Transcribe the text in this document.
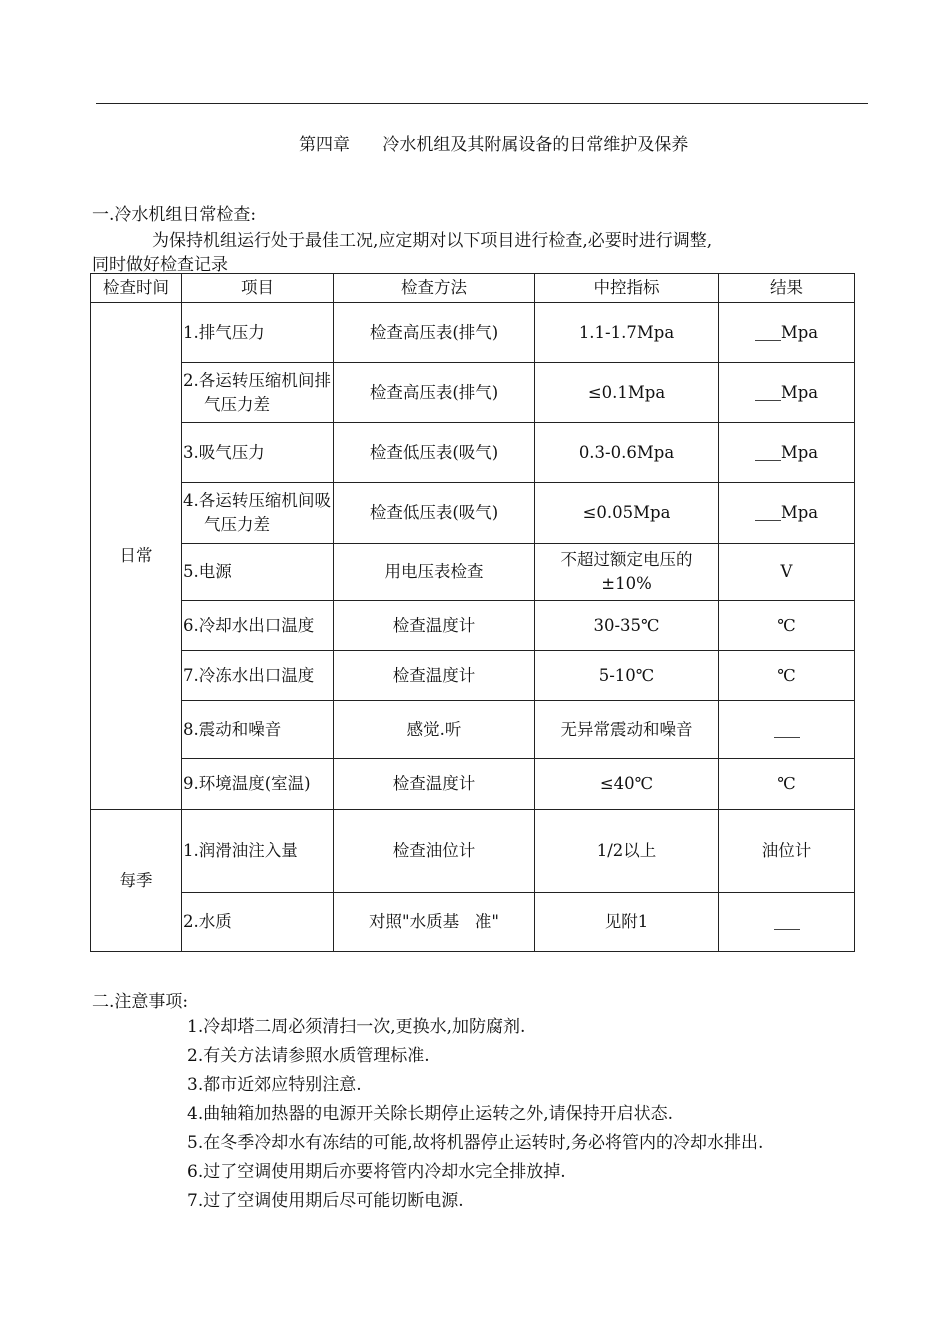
第四章      冷水机组及其附属设备的日常维护及保养
一.冷水机组日常检查:
为保持机组运行处于最佳工况,应定期对以下项目进行检查,必要时进行调整,
同时做好检查记录
检查时间	项目	检查方法	中控指标	结果
日常	1.排气压力	检查高压表(排气)	1.1-1.7Mpa	Mpa

	2.各运转压缩机间排气压力差	检查高压表(排气)	≤0.1Mpa	Mpa
	3.吸气压力	检查低压表(吸气)	0.3-0.6Mpa	Mpa

	4.各运转压缩机间吸气压力差	检查低压表(吸气)	≤0.05Mpa	Mpa
	5.电源	用电压表检查	不超过额定电压的±10%	V

	6.冷却水出口温度	检查温度计	30-35℃	℃

	7.冷冻水出口温度	检查温度计	5-10℃	℃
	8.震动和噪音	感觉.听	无异常震动和噪音	

	9.环境温度(室温)	检查温度计	≤40℃	℃
每季	1.润滑油注入量	检查油位计	1/2以上	油位计
	2.水质	对照"水质基   准"	见附1	
二.注意事项:
1.冷却塔二周必须清扫一次,更换水,加防腐剂.
2.有关方法请参照水质管理标准.
3.都市近郊应特别注意.
4.曲轴箱加热器的电源开关除长期停止运转之外,请保持开启状态.
5.在冬季冷却水有冻结的可能,故将机器停止运转时,务必将管内的冷却水排出.
6.过了空调使用期后亦要将管内冷却水完全排放掉.
7.过了空调使用期后尽可能切断电源.
